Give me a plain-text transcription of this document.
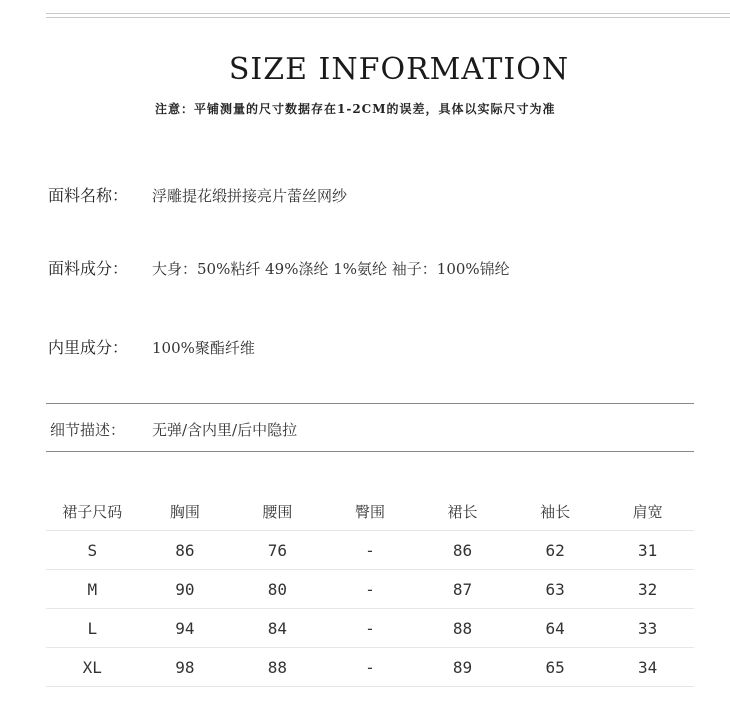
SIZE INFORMATION
注意：平铺测量的尺寸数据存在1-2CM的误差，具体以实际尺寸为准
面料名称： 浮雕提花缎拼接亮片蕾丝网纱
面料成分： 大身：50%粘纤 49%涤纶 1%氨纶 袖子：100%锦纶
内里成分： 100%聚酯纤维
细节描述： 无弹/含内里/后中隐拉
裙子尺码	胸围	腰围	臀围	裙长	袖长	肩宽
S	86	76	-	86	62	31
M	90	80	-	87	63	32
L	94	84	-	88	64	33
XL	98	88	-	89	65	34
